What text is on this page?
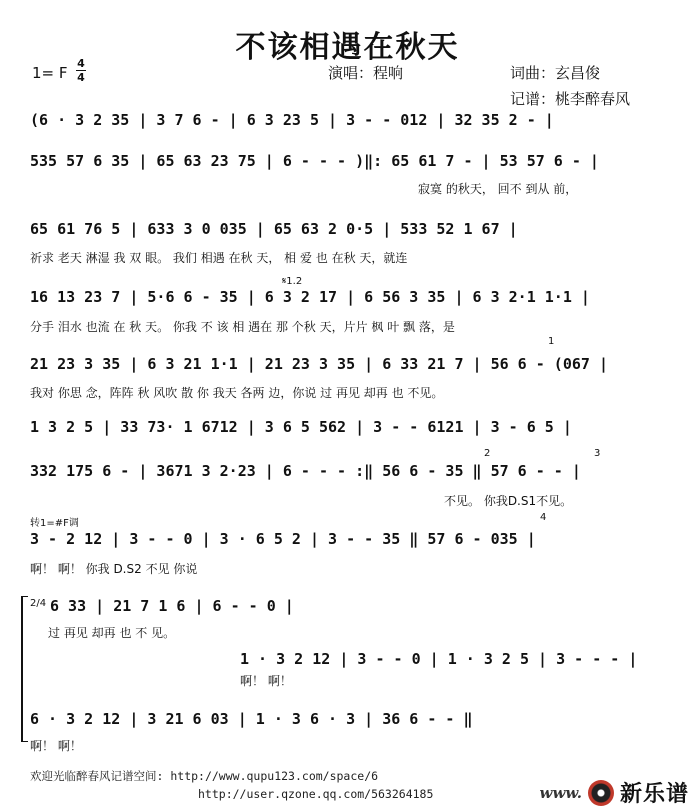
不该相遇在秋天
1= F
4
4	演唱：程响	词曲：玄昌俊
记谱：桃李醉春风
(6 · 3 2 35 | 3 7 6 - | 6 3 23 5 | 3 - - 012 | 32 35 2 - |
535 57 6 35 | 65 63 23 75 | 6 - - - )‖: 65 61 7 - | 53 57 6 - |
寂寞 的秋天， 回不 到从 前，
65 61 76 5 | 633 3 0 035 | 65 63 2 0·5 | 533 52 1 67 |
祈求 老天 淋湿 我 双 眼。 我们 相遇 在秋 天， 相 爱 也 在秋 天，就连
𝄋1.2
16 13 23 7 | 5·6 6 - 35 | 6 3 2 17 | 6 56 3 35 | 6 3 2·1 1·1 |
分手 泪水 也流 在 秋 天。 你我 不 该 相 遇在 那 个秋 天，片片 枫 叶 飘 落，是
1
21 23 3 35 | 6 3 21 1·1 | 21 23 3 35 | 6 33 21 7 | 56 6 - (067 |
我对 你思 念，阵阵 秋 风吹 散 你 我天 各两 边，你说 过 再见 却再 也 不见。
1 3 2 5 | 33 73· 1 6712 | 3 6 5 562 | 3 - - 6121 | 3 - 6 5 |
2	3
332 175 6 - | 3671 3 2·23 | 6 - - - :‖ 56 6 - 35 ‖ 57 6 - - |
不见。 你我D.S1不见。
转1=#F调
4
3 - 2 12 | 3 - - 0 | 3 · 6 5 2 | 3 - - 35 ‖ 57 6 - 035 |
啊！ 啊！ 你我 D.S2 不见 你说
2/4 6 33 | 21 7 1 6 | 6 - - 0 |
过 再见 却再 也 不 见。
1 · 3 2 12 | 3 - - 0 | 1 · 3 2 5 | 3 - - - |
啊！ 啊！
6 · 3 2 12 | 3 21 6 03 | 1 · 3 6 · 3 | 36 6 - - ‖
啊！ 啊！
欢迎光临醉春风记谱空间: http://www.qupu123.com/space/6
http://user.qzone.qq.com/563264185	www. 新乐谱
